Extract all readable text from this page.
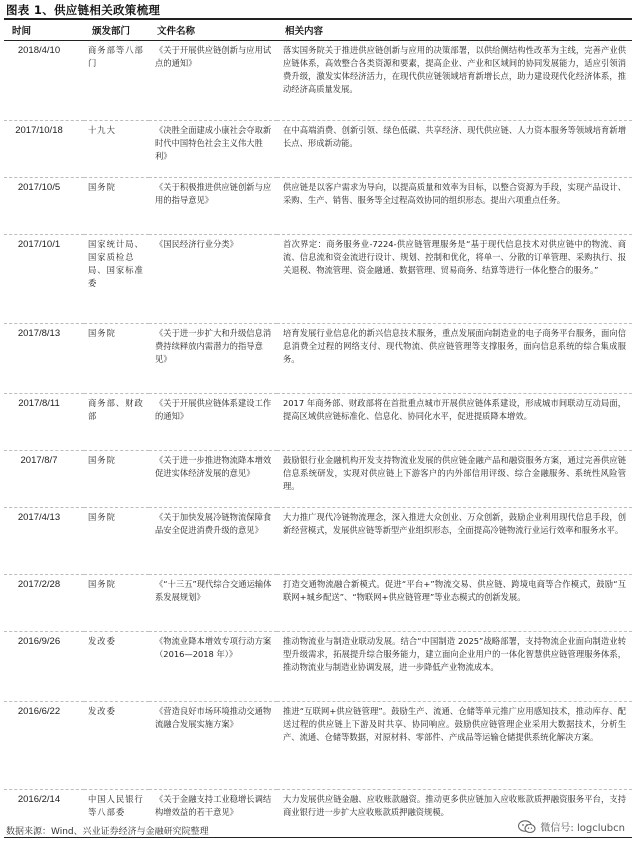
图表 1、供应链相关政策梳理
时间	颁发部门	文件名称	相关内容
2018/4/10	商务部等八部门	《关于开展供应链创新与应用试点的通知》	落实国务院关于推进供应链创新与应用的决策部署，以供给侧结构性改革为主线，完善产业供应链体系，高效整合各类资源和要素，提高企业、产业和区域间的协同发展能力，适应引领消费升级，激发实体经济活力，在现代供应链领域培育新增长点，助力建设现代化经济体系，推动经济高质量发展。
2017/10/18	十九大	《决胜全面建成小康社会夺取新时代中国特色社会主义伟大胜利》	在中高端消费、创新引领、绿色低碳、共享经济、现代供应链、人力资本服务等领域培育新增长点、形成新动能。
2017/10/5	国务院	《关于积极推进供应链创新与应用的指导意见》	供应链是以客户需求为导向，以提高质量和效率为目标，以整合资源为手段，实现产品设计、采购、生产、销售、服务等全过程高效协同的组织形态。提出六项重点任务。
2017/10/1	国家统计局、国家质检总局、国家标准委	《国民经济行业分类》	首次界定：商务服务业-7224-供应链管理服务是“基于现代信息技术对供应链中的物流、商流、信息流和资金流进行设计、规划、控制和优化，将单一、分散的订单管理、采购执行、报关退税、物流管理、资金融通、数据管理、贸易商务、结算等进行一体化整合的服务。”
2017/8/13	国务院	《关于进一步扩大和升级信息消费持续释放内需潜力的指导意见》	培育发展行业信息化的新兴信息技术服务，重点发展面向制造业的电子商务平台服务，面向信息消费全过程的网络支付、现代物流、供应链管理等支撑服务，面向信息系统的综合集成服务。
2017/8/11	商务部、财政部	《关于开展供应链体系建设工作的通知》	2017 年商务部、财政部将在首批重点城市开展供应链体系建设，形成城市间联动互动局面，提高区域供应链标准化、信息化、协同化水平，促进提质降本增效。
2017/8/7	国务院	《关于进一步推进物流降本增效促进实体经济发展的意见》	鼓励银行业金融机构开发支持物流业发展的供应链金融产品和融资服务方案，通过完善供应链信息系统研发，实现对供应链上下游客户的内外部信用评级、综合金融服务、系统性风险管理。
2017/4/13	国务院	《关于加快发展冷链物流保障食品安全促进消费升级的意见》	大力推广现代冷链物流理念，深入推进大众创业、万众创新，鼓励企业利用现代信息手段，创新经营模式，发展供应链等新型产业组织形态，全面提高冷链物流行业运行效率和服务水平。
2017/2/28	国务院	《“十三五”现代综合交通运输体系发展规划》	打造交通物流融合新模式。促进“平台+”物流交易、供应链、跨境电商等合作模式，鼓励“互联网+城乡配送”、“物联网+供应链管理”等业态模式的创新发展。
2016/9/26	发改委	《物流业降本增效专项行动方案（2016—2018 年）》	推动物流业与制造业联动发展。结合“中国制造 2025”战略部署，支持物流企业面向制造业转型升级需求，拓展提升综合服务能力，建立面向企业用户的一体化智慧供应链管理服务体系，推动物流业与制造业协调发展，进一步降低产业物流成本。
2016/6/22	发改委	《营造良好市场环境推动交通物流融合发展实施方案》	推进“互联网+供应链管理”。鼓励生产、流通、仓储等单元推广应用感知技术，推动库存、配送过程的供应链上下游及时共享、协同响应。鼓励供应链管理企业采用大数据技术，分析生产、流通、仓储等数据，对原材料、零部件、产成品等运输仓储提供系统化解决方案。
2016/2/14	中国人民银行等八部委	《关于金融支持工业稳增长调结构增效益的若干意见》	大力发展供应链金融、应收账款融资。推动更多供应链加入应收账款质押融资服务平台，支持商业银行进一步扩大应收账款质押融资规模。
数据来源：Wind、兴业证券经济与金融研究院整理	微信号: logclubcn
